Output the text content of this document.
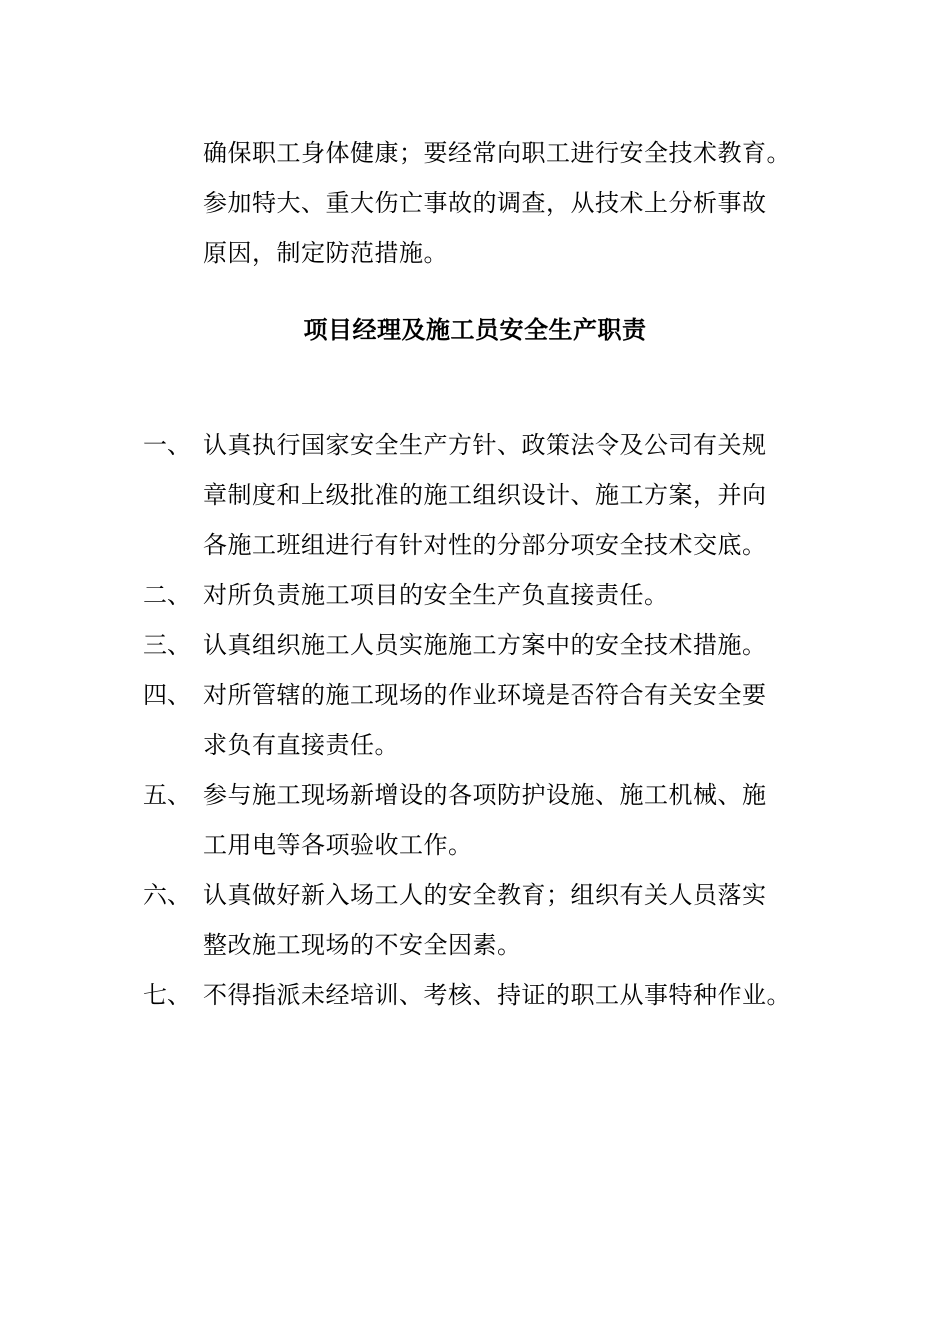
确保职工身体健康；要经常向职工进行安全技术教育。
参加特大、重大伤亡事故的调查，从技术上分析事故
原因，制定防范措施。
项目经理及施工员安全生产职责
一、 认真执行国家安全生产方针、政策法令及公司有关规
章制度和上级批准的施工组织设计、施工方案，并向
各施工班组进行有针对性的分部分项安全技术交底。
二、 对所负责施工项目的安全生产负直接责任。
三、 认真组织施工人员实施施工方案中的安全技术措施。
四、 对所管辖的施工现场的作业环境是否符合有关安全要
求负有直接责任。
五、 参与施工现场新增设的各项防护设施、施工机械、施
工用电等各项验收工作。
六、 认真做好新入场工人的安全教育；组织有关人员落实
整改施工现场的不安全因素。
七、 不得指派未经培训、考核、持证的职工从事特种作业。
